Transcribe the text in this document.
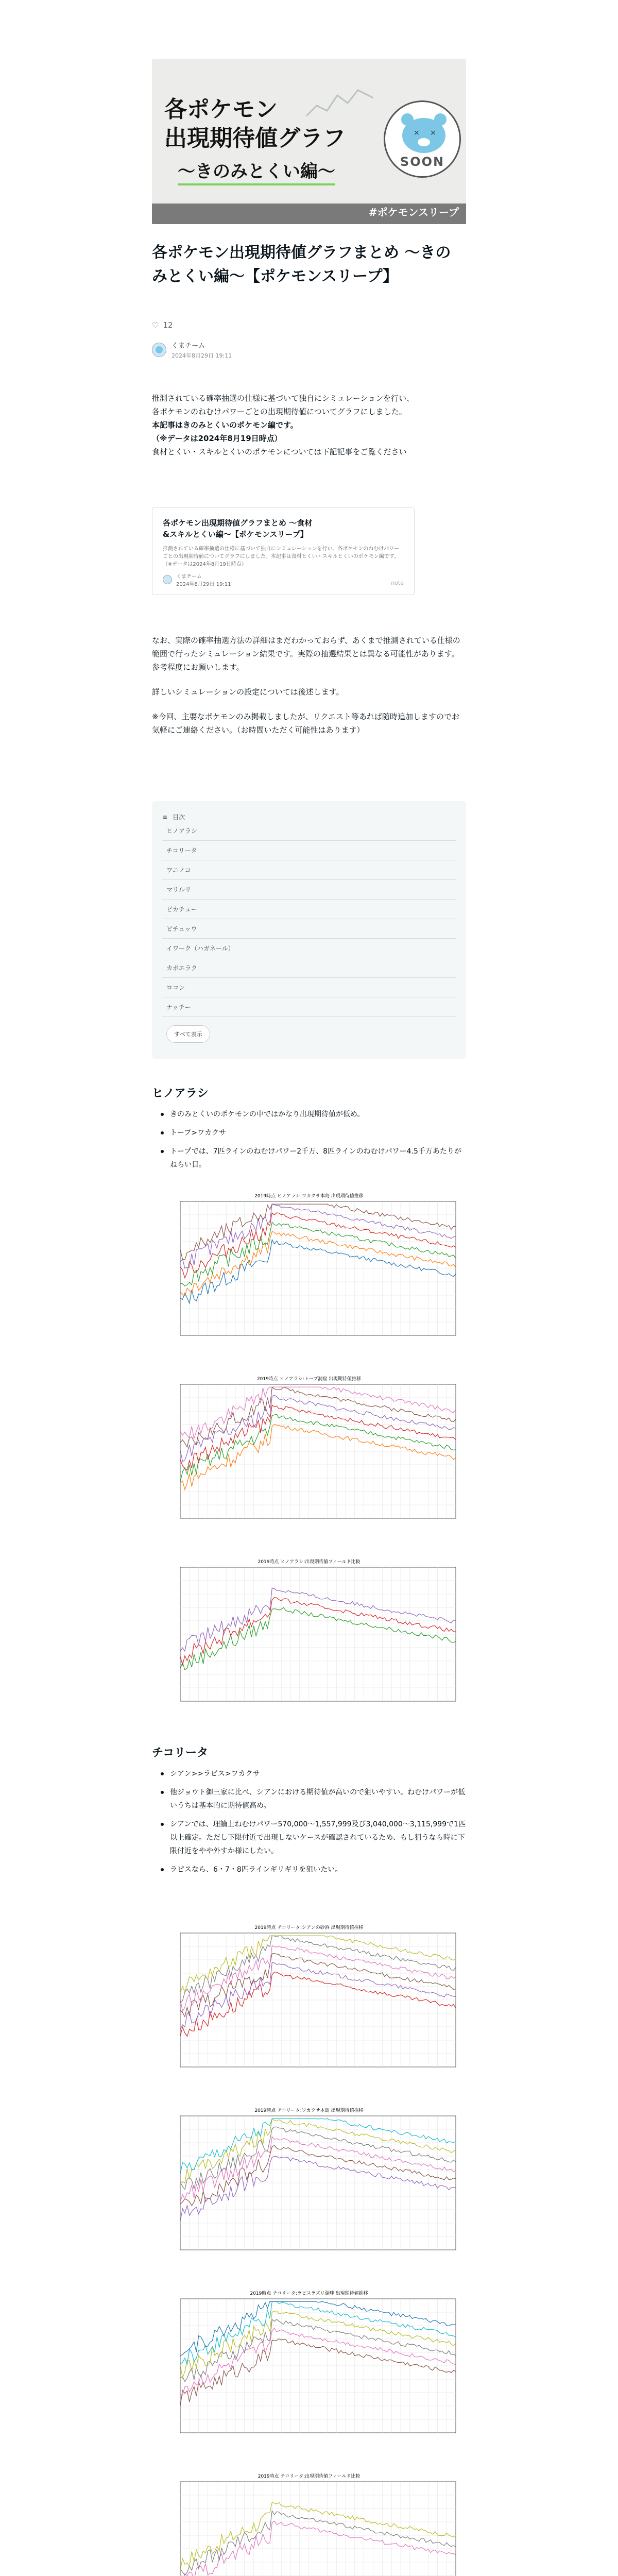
各ポケモン
出現期待値グラフ
〜きのみとくい編〜
× ×
SOON
#ポケモンスリープ
各ポケモン出現期待値グラフまとめ 〜きのみとくい編〜【ポケモンスリープ】
♡ 12
くまチーム
2024年8月29日 19:11
推測されている確率抽選の仕様に基づいて独自にシミュレーションを行い、
各ポケモンのねむけパワーごとの出現期待値についてグラフにしました。
本記事はきのみとくいのポケモン編です。
（※データは2024年8月19日時点）
食材とくい・スキルとくいのポケモンについては下記記事をご覧ください
各ポケモン出現期待値グラフまとめ 〜食材&スキルとくい編〜【ポケモンスリープ】
推測されている確率抽選の仕様に基づいて独自にシミュレーションを行い、各ポケモンのねむけパワーごとの出現期待値についてグラフにしました。本記事は食材とくい・スキルとくいのポケモン編です。（※データは2024年8月19日時点）
くまチーム
2024年8月29日 19:11	note
なお、実際の確率抽選方法の詳細はまだわかっておらず、あくまで推測されている仕様の範囲で行ったシミュレーション結果です。実際の抽選結果とは異なる可能性があります。参考程度にお願いします。
詳しいシミュレーションの設定については後述します。
※今回、主要なポケモンのみ掲載しましたが、リクエスト等あれば随時追加しますのでお気軽にご連絡ください。（お時間いただく可能性はあります）
≡ 目次
ヒノアラシ
チコリータ
ワニノコ
マリルリ
ピカチュー
ピチュッウ
イワーク（ハガネール）
カポエラク
ロコン
ナッチー
すべて表示
ヒノアラシ
きのみとくいのポケモンの中ではかなり出現期待値が低め。
トープ>ワカクサ
トープでは、7匹ラインのねむけパワー2千万、8匹ラインのねむけパワー4.5千万あたりがねらい目。
2019時点 ヒノアラシ:ワカクサ本島 出現期待値推移
2019時点 ヒノアラシ:トープ洞窟 出現期待値推移
2019時点 ヒノアラシ:出現期待値フィールド比較
チコリータ
シアン>>ラピス>ワカクサ
他ジョウト御三家に比べ、シアンにおける期待値が高いので狙いやすい。ねむけパワーが低いうちは基本的に期待値高め。
シアンでは、理論上ねむけパワー570,000〜1,557,999及び3,040,000〜3,115,999で1匹以上確定。ただし下限付近で出現しないケースが確認されているため、もし狙うなら時に下限付近をやや外すか様にしたい。
ラピスなら、6・7・8匹ラインギリギリを狙いたい。
2019時点 チコリータ:シアンの砂浜 出現期待値推移
2019時点 チコリータ:ワカクサ本島 出現期待値推移
2019時点 チコリータ:ラピスラズリ湖畔 出現期待値推移
2019時点 チコリータ:出現期待値フィールド比較
